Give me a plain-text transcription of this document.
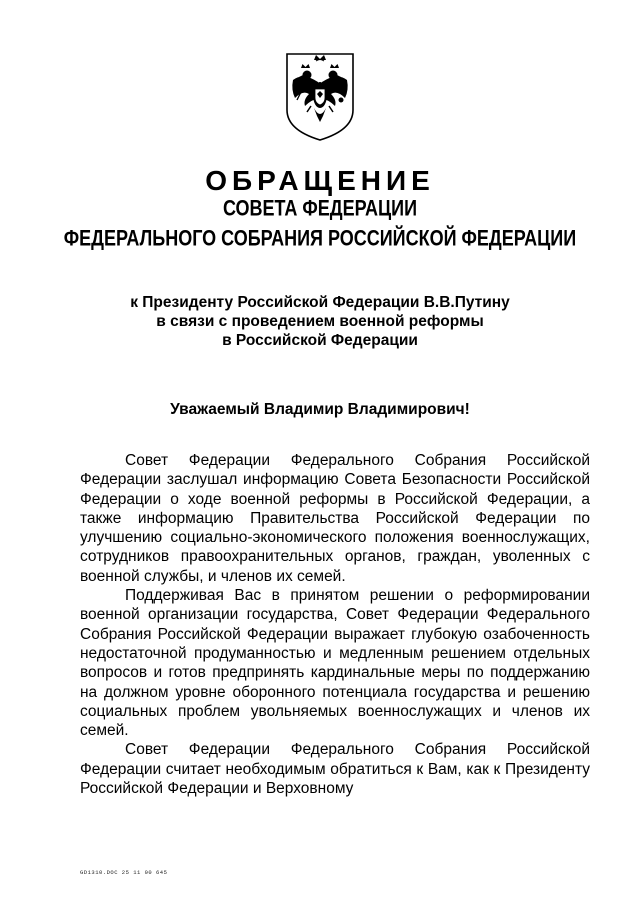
ОБРАЩЕНИЕ
СОВЕТА ФЕДЕРАЦИИ
ФЕДЕРАЛЬНОГО СОБРАНИЯ РОССИЙСКОЙ ФЕДЕРАЦИИ
к Президенту Российской Федерации В.В.Путину
в связи с проведением военной реформы
в Российской Федерации
Уважаемый Владимир Владимирович!

Совет Федерации Федерального Собрания Российской Федерации заслушал информацию Совета Безопасности Российской Федерации о ходе военной реформы в Российской Федерации, а также информацию Правительства Российской Федерации по улучшению социально-экономического положения военнослужащих, сотрудников правоохранительных органов, граждан, уволенных с военной службы, и членов их семей.

Поддерживая Вас в принятом решении о реформировании военной организации государства, Совет Федерации Федерального Собрания Российской Федерации выражает глубокую озабоченность недостаточной продуманностью и медленным решением отдельных вопросов и готов предпринять кардинальные меры по поддержанию на должном уровне оборонного потенциала государства и решению социальных проблем увольняемых военнослужащих и членов их семей.

Совет Федерации Федерального Собрания Российской Федерации считает необходимым обратиться к Вам, как к Президенту Российской Федерации и Верховному

GD1310.DOC 25 11 00 645
